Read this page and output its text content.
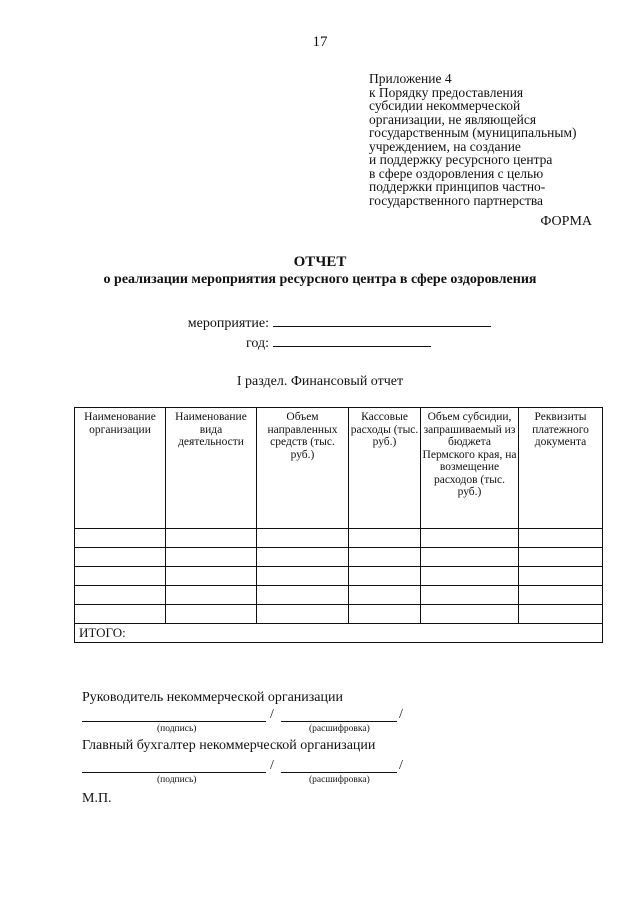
17
Приложение 4
к Порядку предоставления
субсидии некоммерческой
организации, не являющейся
государственным (муниципальным)
учреждением, на создание
и поддержку ресурсного центра
в сфере оздоровления с целью
поддержки принципов частно-
государственного партнерства
ФОРМА
ОТЧЕТ
о реализации мероприятия ресурсного центра в сфере оздоровления
мероприятие:
год:
I раздел. Финансовый отчет
Наименование организации	Наименование вида деятельности	Объем направленных средств (тыс. руб.)	Кассовые расходы (тыс. руб.)	Объем субсидии, запрашиваемый из бюджета Пермского края, на возмещение расходов (тыс. руб.)	Реквизиты платежного документа

ИТОГО:					
Руководитель некоммерческой организации
/	/
(подпись)	(расшифровка)
Главный бухгалтер некоммерческой организации
/	/
(подпись)	(расшифровка)
М.П.
